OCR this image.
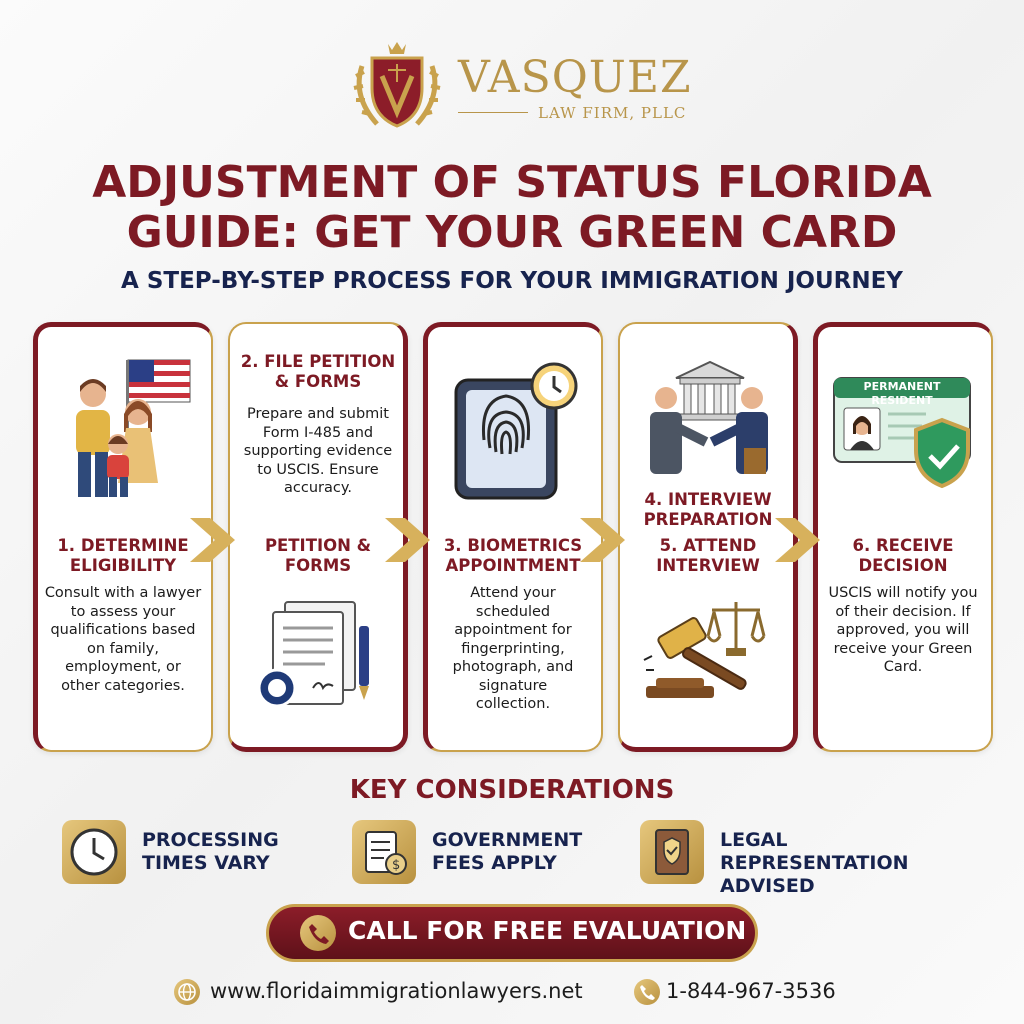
VASQUEZ
LAW FIRM, PLLC
ADJUSTMENT OF STATUS FLORIDA
GUIDE: GET YOUR GREEN CARD
A STEP-BY-STEP PROCESS FOR YOUR IMMIGRATION JOURNEY
1. DETERMINE ELIGIBILITY
Consult with a lawyer to assess your qualifications based on family, employment, or other categories.
2. FILE PETITION & FORMS
Prepare and submit Form I-485 and supporting evidence to USCIS. Ensure accuracy.
PETITION & FORMS
3. BIOMETRICS APPOINTMENT
Attend your scheduled appointment for fingerprinting, photograph, and signature collection.
4. INTERVIEW PREPARATION
5. ATTEND INTERVIEW
PERMANENT RESIDENT
6. RECEIVE DECISION
USCIS will notify you of their decision. If approved, you will receive your Green Card.
KEY CONSIDERATIONS
PROCESSING TIMES VARY	$
GOVERNMENT FEES APPLY
LEGAL REPRESENTATION ADVISED
CALL FOR FREE EVALUATION
www.floridaimmigrationlawyers.net	1-844-967-3536
